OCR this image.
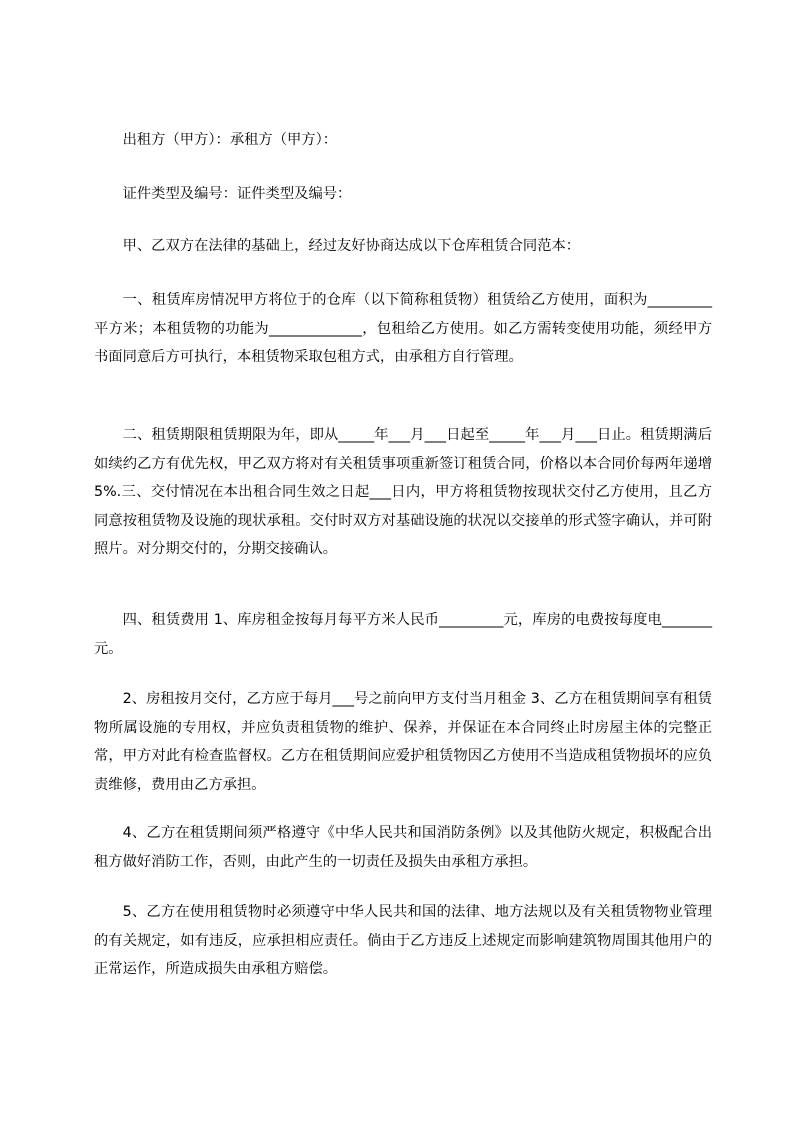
出租方（甲方）：承租方（甲方）：

证件类型及编号：证件类型及编号：

甲、乙双方在法律的基础上，经过友好协商达成以下仓库租赁合同范本：

一、租赁库房情况甲方将位于的仓库（以下简称租赁物）租赁给乙方使用，面积为_________平方米；本租赁物的功能为_____________，包租给乙方使用。如乙方需转变使用功能，须经甲方书面同意后方可执行，本租赁物采取包租方式，由承租方自行管理。

二、租赁期限租赁期限为年，即从_____年___月___日起至_____年___月___日止。租赁期满后如续约乙方有优先权，甲乙双方将对有关租赁事项重新签订租赁合同，价格以本合同价每两年递增5%.三、交付情况在本出租合同生效之日起___日内，甲方将租赁物按现状交付乙方使用，且乙方同意按租赁物及设施的现状承租。交付时双方对基础设施的状况以交接单的形式签字确认，并可附照片。对分期交付的，分期交接确认。

四、租赁费用 1、库房租金按每月每平方米人民币_________元，库房的电费按每度电_______元。

2、房租按月交付，乙方应于每月___号之前向甲方支付当月租金 3、乙方在租赁期间享有租赁物所属设施的专用权，并应负责租赁物的维护、保养，并保证在本合同终止时房屋主体的完整正常，甲方对此有检查监督权。乙方在租赁期间应爱护租赁物因乙方使用不当造成租赁物损坏的应负责维修，费用由乙方承担。

4、乙方在租赁期间须严格遵守《中华人民共和国消防条例》以及其他防火规定，积极配合出租方做好消防工作，否则，由此产生的一切责任及损失由承租方承担。

5、乙方在使用租赁物时必须遵守中华人民共和国的法律、地方法规以及有关租赁物物业管理的有关规定，如有违反，应承担相应责任。倘由于乙方违反上述规定而影响建筑物周围其他用户的正常运作，所造成损失由承租方赔偿。
